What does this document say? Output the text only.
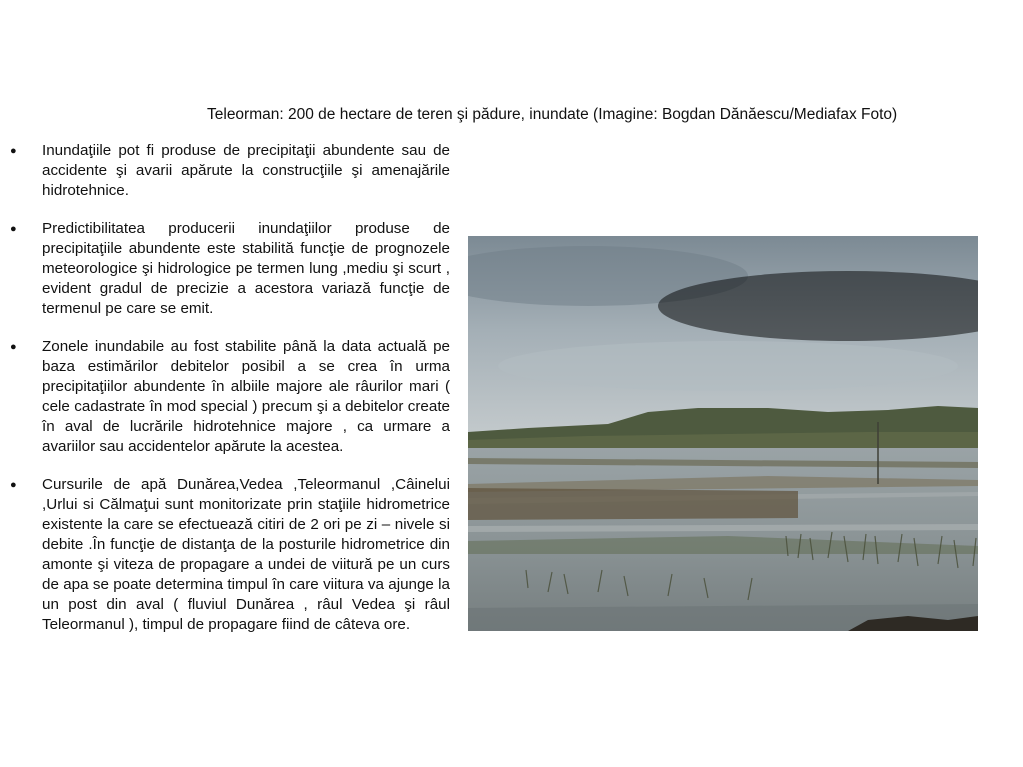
Teleorman: 200 de hectare de teren şi pădure, inundate (Imagine: Bogdan Dănăescu/Mediafax Foto)
●	Inundaţiile pot fi produse de precipitaţii abundente sau de accidente şi avarii apărute la construcţiile şi amenajările hidrotehnice.
●	Predictibilitatea producerii inundaţiilor produse de precipitaţiile abundente este stabilită funcţie de prognozele meteorologice şi hidrologice pe termen lung ,mediu şi scurt , evident gradul de precizie a acestora variază funcţie de termenul pe care se emit.
●	Zonele inundabile au fost stabilite până la data actuală pe baza estimărilor debitelor posibil a se crea în urma precipitaţiilor abundente în albiile majore ale râurilor mari ( cele cadastrate în mod special ) precum şi a debitelor create în aval de lucrările hidrotehnice majore , ca urmare a avariilor sau accidentelor apărute la acestea.
●	Cursurile de apă Dunărea,Vedea ,Teleormanul ,Câinelui ,Urlui si Călmaţui sunt monitorizate prin staţiile hidrometrice existente la care se efectuează citiri de 2 ori pe zi – nivele si debite .În funcţie de distanţa de la posturile hidrometrice din amonte şi viteza de propagare a undei de viitură pe un curs de apa se poate determina timpul în care viitura va ajunge la un post din aval ( fluviul Dunărea , râul Vedea şi râul Teleormanul ), timpul de propagare fiind de câteva ore.
